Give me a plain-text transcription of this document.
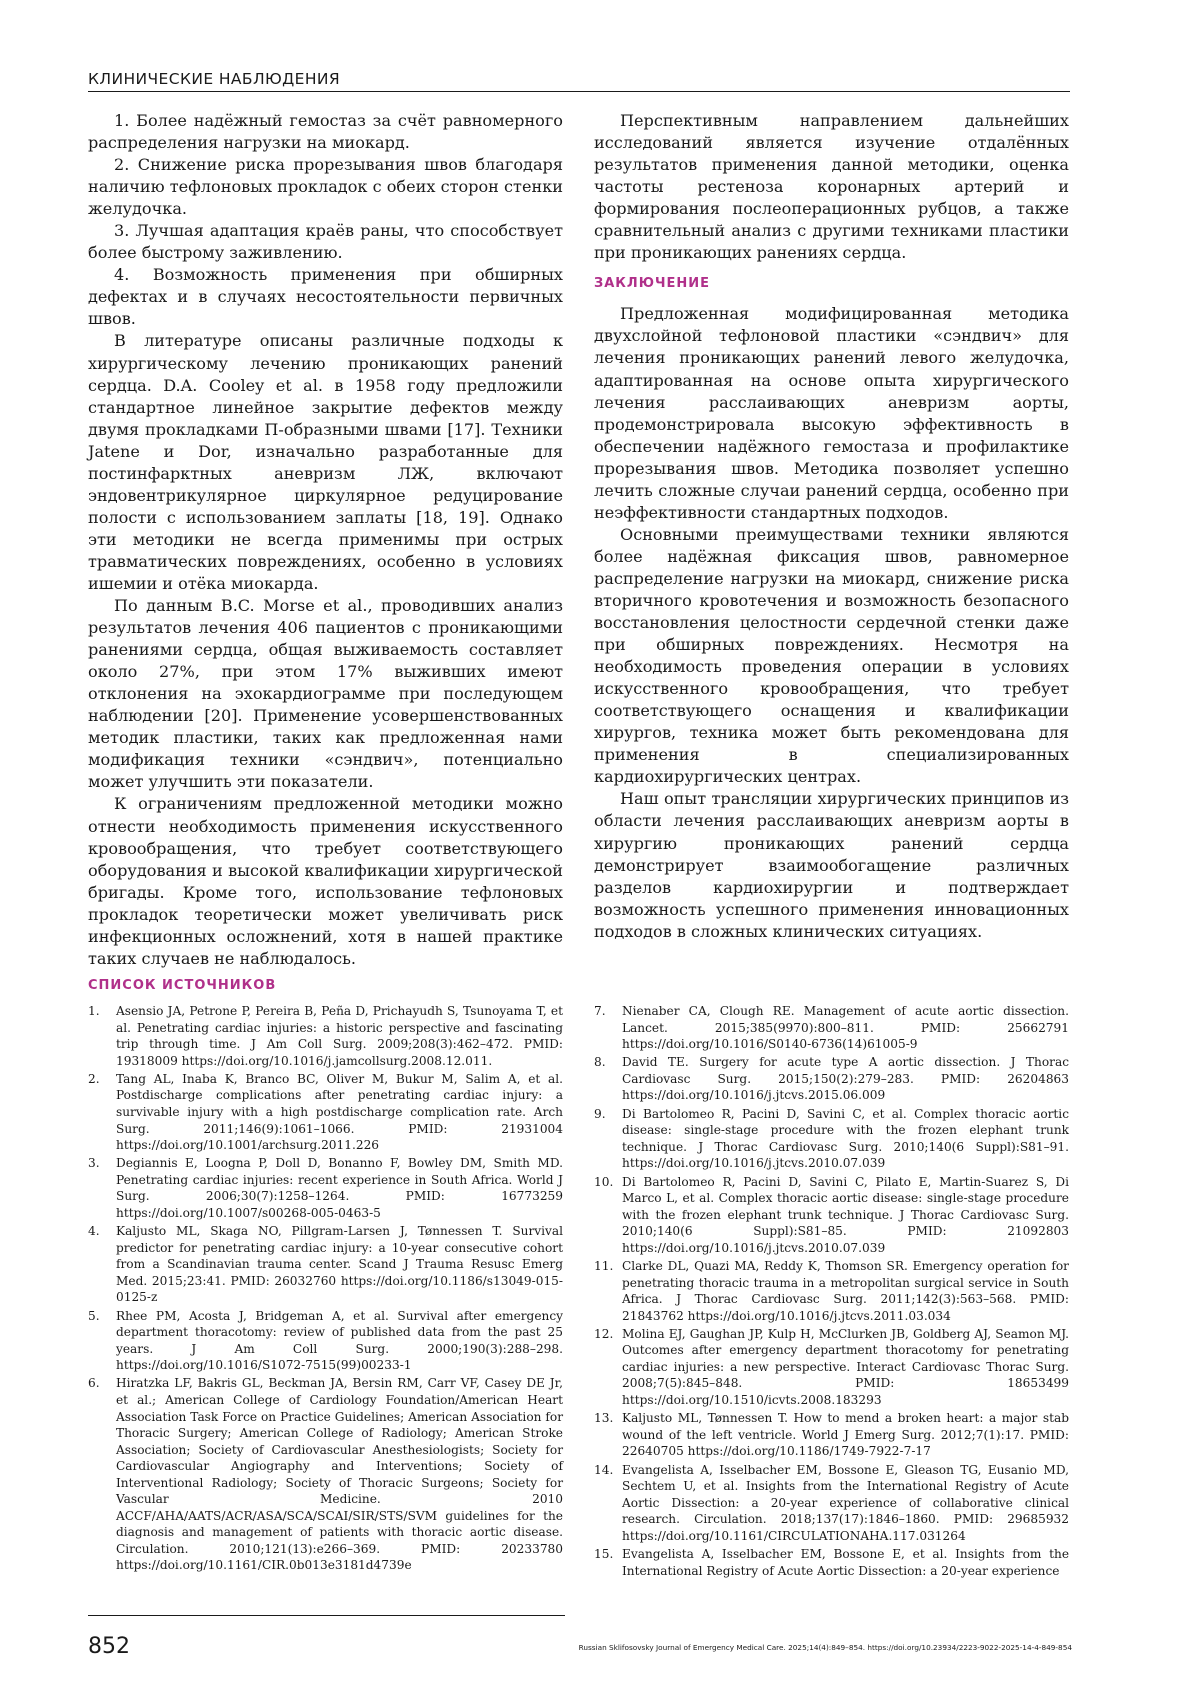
КЛИНИЧЕСКИЕ НАБЛЮДЕНИЯ

1. Более надёжный гемостаз за счёт равномерного распределения нагрузки на миокард.

2. Снижение риска прорезывания швов благодаря наличию тефлоновых прокладок с обеих сторон стенки желудочка.

3. Лучшая адаптация краёв раны, что способствует более быстрому заживлению.

4. Возможность применения при обширных дефектах и в случаях несостоятельности первичных швов.

В литературе описаны различные подходы к хирургическому лечению проникающих ранений сердца. D.A. Cooley et al. в 1958 году предложили стандартное линейное закрытие дефектов между двумя прокладками П-образными швами [17]. Техники Jatene и Dor, изначально разработанные для постинфарктных аневризм ЛЖ, включают эндовентрикулярное циркулярное редуцирование полости с использованием заплаты [18, 19]. Однако эти методики не всегда применимы при острых травматических повреждениях, особенно в условиях ишемии и отёка миокарда.

По данным B.C. Morse et al., проводивших анализ результатов лечения 406 пациентов с проникающими ранениями сердца, общая выживаемость составляет около 27%, при этом 17% выживших имеют отклонения на эхокардиограмме при последующем наблюдении [20]. Применение усовершенствованных методик пластики, таких как предложенная нами модификация техники «сэндвич», потенциально может улучшить эти показатели.

К ограничениям предложенной методики можно отнести необходимость применения искусственного кровообращения, что требует соответствующего оборудования и высокой квалификации хирургической бригады. Кроме того, использование тефлоновых прокладок теоретически может увеличивать риск инфекционных осложнений, хотя в нашей практике таких случаев не наблюдалось.

Перспективным направлением дальнейших исследований является изучение отдалённых результатов применения данной методики, оценка частоты рестеноза коронарных артерий и формирования послеоперационных рубцов, а также сравнительный анализ с другими техниками пластики при проникающих ранениях сердца.

ЗАКЛЮЧЕНИЕ

Предложенная модифицированная методика двухслойной тефлоновой пластики «сэндвич» для лечения проникающих ранений левого желудочка, адаптированная на основе опыта хирургического лечения расслаивающих аневризм аорты, продемонстрировала высокую эффективность в обеспечении надёжного гемостаза и профилактике прорезывания швов. Методика позволяет успешно лечить сложные случаи ранений сердца, особенно при неэффективности стандартных подходов.

Основными преимуществами техники являются более надёжная фиксация швов, равномерное распределение нагрузки на миокард, снижение риска вторичного кровотечения и возможность безопасного восстановления целостности сердечной стенки даже при обширных повреждениях. Несмотря на необходимость проведения операции в условиях искусственного кровообращения, что требует соответствующего оснащения и квалификации хирургов, техника может быть рекомендована для применения в специализированных кардиохирургических центрах.

Наш опыт трансляции хирургических принципов из области лечения расслаивающих аневризм аорты в хирургию проникающих ранений сердца демонстрирует взаимообогащение различных разделов кардиохирургии и подтверждает возможность успешного применения инновационных подходов в сложных клинических ситуациях.

СПИСОК ИСТОЧНИКОВ
1. Asensio JA, Petrone P, Pereira B, Peña D, Prichayudh S, Tsunoyama T, et al. Penetrating cardiac injuries: a historic perspective and fascinating trip through time. J Am Coll Surg. 2009;208(3):462–472. PMID: 19318009 https://doi.org/10.1016/j.jamcollsurg.2008.12.011.
2. Tang AL, Inaba K, Branco BC, Oliver M, Bukur M, Salim A, et al. Postdischarge complications after penetrating cardiac injury: a survivable injury with a high postdischarge complication rate. Arch Surg. 2011;146(9):1061–1066. PMID: 21931004 https://doi.org/10.1001/archsurg.2011.226
3. Degiannis E, Loogna P, Doll D, Bonanno F, Bowley DM, Smith MD. Penetrating cardiac injuries: recent experience in South Africa. World J Surg. 2006;30(7):1258–1264. PMID: 16773259 https://doi.org/10.1007/s00268-005-0463-5
4. Kaljusto ML, Skaga NO, Pillgram-Larsen J, Tønnessen T. Survival predictor for penetrating cardiac injury: a 10-year consecutive cohort from a Scandinavian trauma center. Scand J Trauma Resusc Emerg Med. 2015;23:41. PMID: 26032760 https://doi.org/10.1186/s13049-015-0125-z
5. Rhee PM, Acosta J, Bridgeman A, et al. Survival after emergency department thoracotomy: review of published data from the past 25 years. J Am Coll Surg. 2000;190(3):288–298. https://doi.org/10.1016/S1072-7515(99)00233-1
6. Hiratzka LF, Bakris GL, Beckman JA, Bersin RM, Carr VF, Casey DE Jr, et al.; American College of Cardiology Foundation/American Heart Association Task Force on Practice Guidelines; American Association for Thoracic Surgery; American College of Radiology; American Stroke Association; Society of Cardiovascular Anesthesiologists; Society for Cardiovascular Angiography and Interventions; Society of Interventional Radiology; Society of Thoracic Surgeons; Society for Vascular Medicine. 2010 ACCF/AHA/AATS/ACR/ASA/SCA/SCAI/SIR/STS/SVM guidelines for the diagnosis and management of patients with thoracic aortic disease. Circulation. 2010;121(13):e266–369. PMID: 20233780 https://doi.org/10.1161/CIR.0b013e3181d4739e
7. Nienaber CA, Clough RE. Management of acute aortic dissection. Lancet. 2015;385(9970):800–811. PMID: 25662791 https://doi.org/10.1016/S0140-6736(14)61005-9
8. David TE. Surgery for acute type A aortic dissection. J Thorac Cardiovasc Surg. 2015;150(2):279–283. PMID: 26204863 https://doi.org/10.1016/j.jtcvs.2015.06.009
9. Di Bartolomeo R, Pacini D, Savini C, et al. Complex thoracic aortic disease: single-stage procedure with the frozen elephant trunk technique. J Thorac Cardiovasc Surg. 2010;140(6 Suppl):S81–91. https://doi.org/10.1016/j.jtcvs.2010.07.039
10. Di Bartolomeo R, Pacini D, Savini C, Pilato E, Martin-Suarez S, Di Marco L, et al. Complex thoracic aortic disease: single-stage procedure with the frozen elephant trunk technique. J Thorac Cardiovasc Surg. 2010;140(6 Suppl):S81–85. PMID: 21092803 https://doi.org/10.1016/j.jtcvs.2010.07.039
11. Clarke DL, Quazi MA, Reddy K, Thomson SR. Emergency operation for penetrating thoracic trauma in a metropolitan surgical service in South Africa. J Thorac Cardiovasc Surg. 2011;142(3):563–568. PMID: 21843762 https://doi.org/10.1016/j.jtcvs.2011.03.034
12. Molina EJ, Gaughan JP, Kulp H, McClurken JB, Goldberg AJ, Seamon MJ. Outcomes after emergency department thoracotomy for penetrating cardiac injuries: a new perspective. Interact Cardiovasc Thorac Surg. 2008;7(5):845–848. PMID: 18653499 https://doi.org/10.1510/icvts.2008.183293
13. Kaljusto ML, Tønnessen T. How to mend a broken heart: a major stab wound of the left ventricle. World J Emerg Surg. 2012;7(1):17. PMID: 22640705 https://doi.org/10.1186/1749-7922-7-17
14. Evangelista A, Isselbacher EM, Bossone E, Gleason TG, Eusanio MD, Sechtem U, et al. Insights from the International Registry of Acute Aortic Dissection: a 20-year experience of collaborative clinical research. Circulation. 2018;137(17):1846–1860. PMID: 29685932 https://doi.org/10.1161/CIRCULATIONAHA.117.031264
15. Evangelista A, Isselbacher EM, Bossone E, et al. Insights from the International Registry of Acute Aortic Dissection: a 20-year experience
852	Russian Sklifosovsky Journal of Emergency Medical Care. 2025;14(4):849–854. https://doi.org/10.23934/2223-9022-2025-14-4-849-854
